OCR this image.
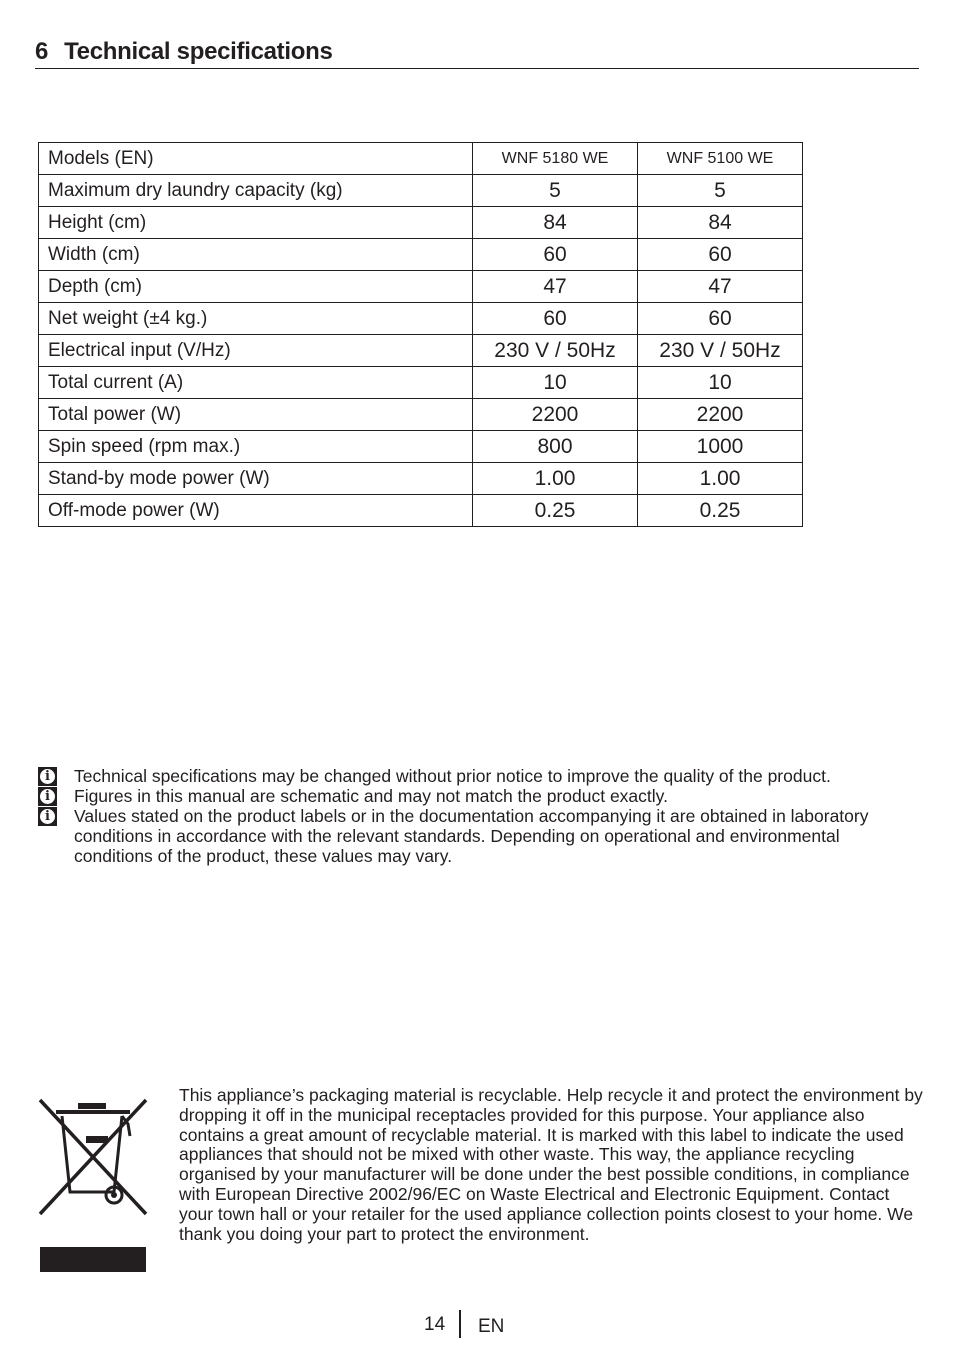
6 Technical specifications
Models (EN)	WNF 5180 WE	WNF 5100 WE
Maximum dry laundry capacity (kg)	5	5
Height (cm)	84	84
Width (cm)	60	60
Depth (cm)	47	47
Net weight (±4 kg.)	60	60
Electrical input (V/Hz)	230 V / 50Hz	230 V / 50Hz
Total current (A)	10	10
Total power (W)	2200	2200
Spin speed (rpm max.)	800	1000
Stand-by mode power (W)	1.00	1.00
Off-mode power (W)	0.25	0.25
i Technical specifications may be changed without prior notice to improve the quality of the product.
i Figures in this manual are schematic and may not match the product exactly.
i Values stated on the product labels or in the documentation accompanying it are obtained in laboratory conditions in accordance with the relevant standards. Depending on operational and environmental conditions of the product, these values may vary.
This appliance’s packaging material is recyclable. Help recycle it and protect the environment by dropping it off in the municipal receptacles provided for this purpose. Your appliance also contains a great amount of recyclable material. It is marked with this label to indicate the used appliances that should not be mixed with other waste. This way, the appliance recycling organised by your manufacturer will be done under the best possible conditions, in compliance with European Directive 2002/96/EC on Waste Electrical and Electronic Equipment. Contact your town hall or your retailer for the used appliance collection points closest to your home. We thank you doing your part to protect the environment.
14 EN
